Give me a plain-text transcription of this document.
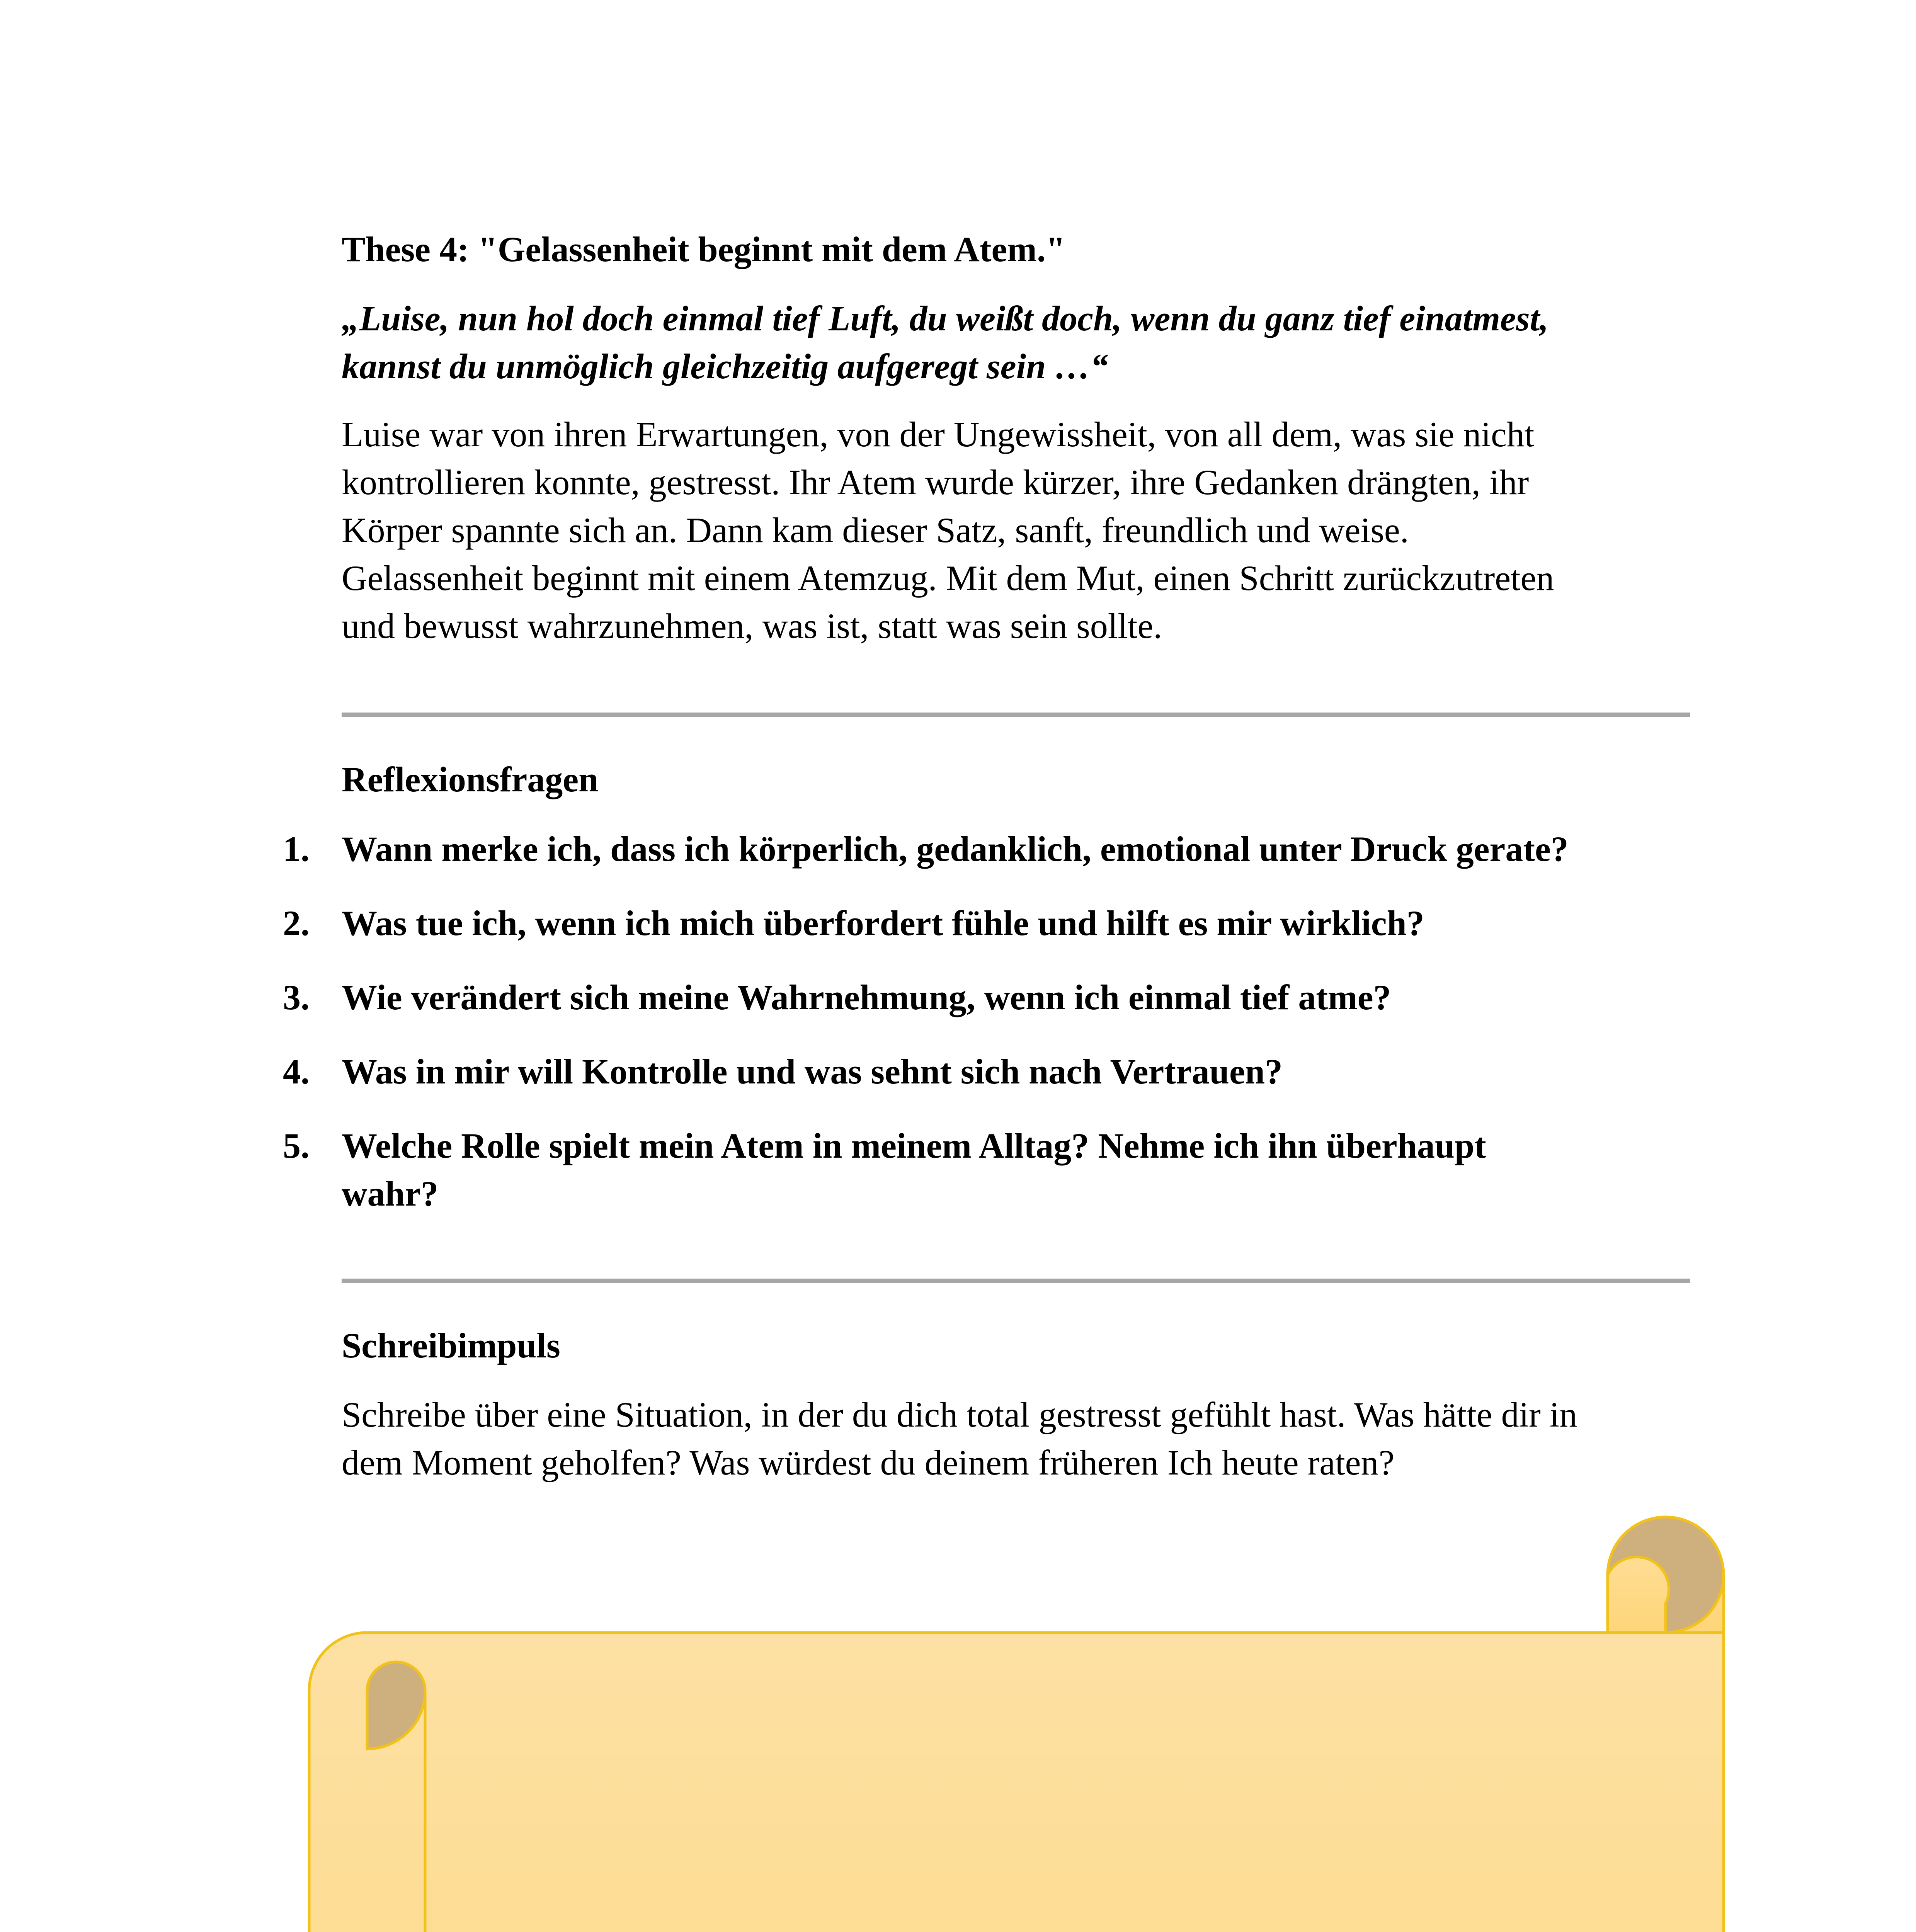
These 4: "Gelassenheit beginnt mit dem Atem."

„Luise, nun hol doch einmal tief Luft, du weißt doch, wenn du ganz tief einatmest,
kannst du unmöglich gleichzeitig aufgeregt sein …“

Luise war von ihren Erwartungen, von der Ungewissheit, von all dem, was sie nicht
kontrollieren konnte, gestresst. Ihr Atem wurde kürzer, ihre Gedanken drängten, ihr
Körper spannte sich an. Dann kam dieser Satz, sanft, freundlich und weise.
Gelassenheit beginnt mit einem Atemzug. Mit dem Mut, einen Schritt zurückzutreten
und bewusst wahrzunehmen, was ist, statt was sein sollte.

Reflexionsfragen

1. Wann merke ich, dass ich körperlich, gedanklich, emotional unter Druck gerate?
2. Was tue ich, wenn ich mich überfordert fühle und hilft es mir wirklich?
3. Wie verändert sich meine Wahrnehmung, wenn ich einmal tief atme?
4. Was in mir will Kontrolle und was sehnt sich nach Vertrauen?
5. Welche Rolle spielt mein Atem in meinem Alltag? Nehme ich ihn überhaupt
wahr?

Schreibimpuls

Schreibe über eine Situation, in der du dich total gestresst gefühlt hast. Was hätte dir in
dem Moment geholfen? Was würdest du deinem früheren Ich heute raten?
